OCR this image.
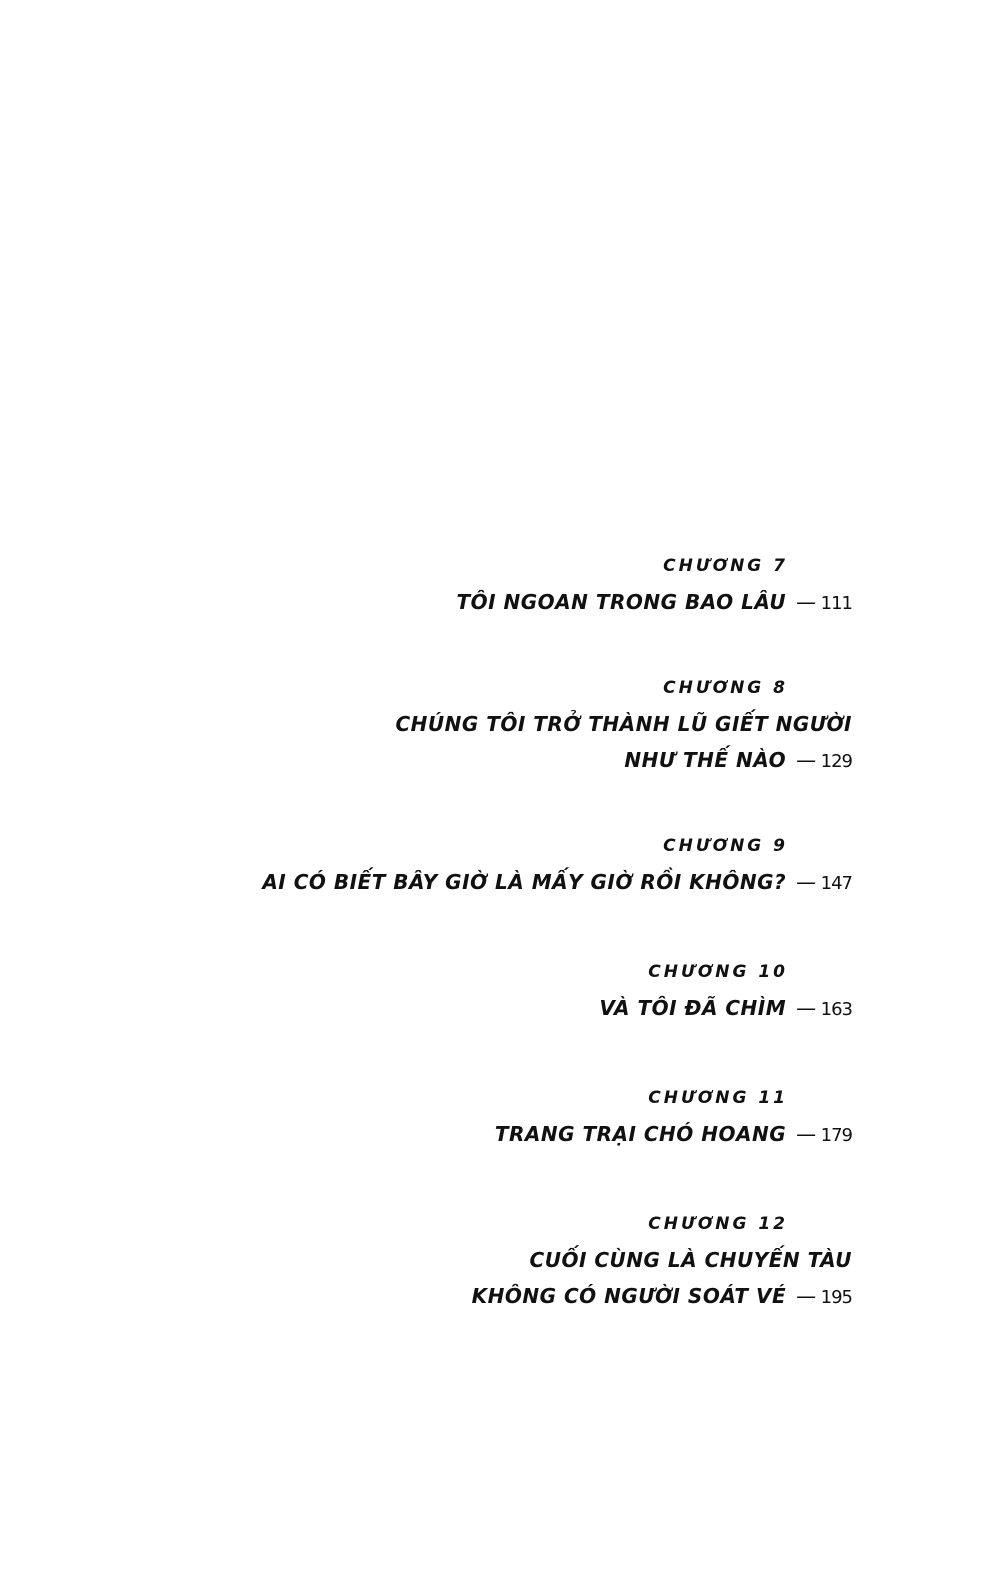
CHƯƠNG 7
TÔI NGOAN TRONG BAO LÂU — 111
CHƯƠNG 8
CHÚNG TÔI TRỞ THÀNH LŨ GIẾT NGƯỜI
NHƯ THẾ NÀO — 129
CHƯƠNG 9
AI CÓ BIẾT BÂY GIỜ LÀ MẤY GIỜ RỒI KHÔNG? — 147
CHƯƠNG 10
VÀ TÔI ĐÃ CHÌM — 163
CHƯƠNG 11
TRANG TRẠI CHÓ HOANG — 179
CHƯƠNG 12
CUỐI CÙNG LÀ CHUYẾN TÀU
KHÔNG CÓ NGƯỜI SOÁT VÉ — 195
